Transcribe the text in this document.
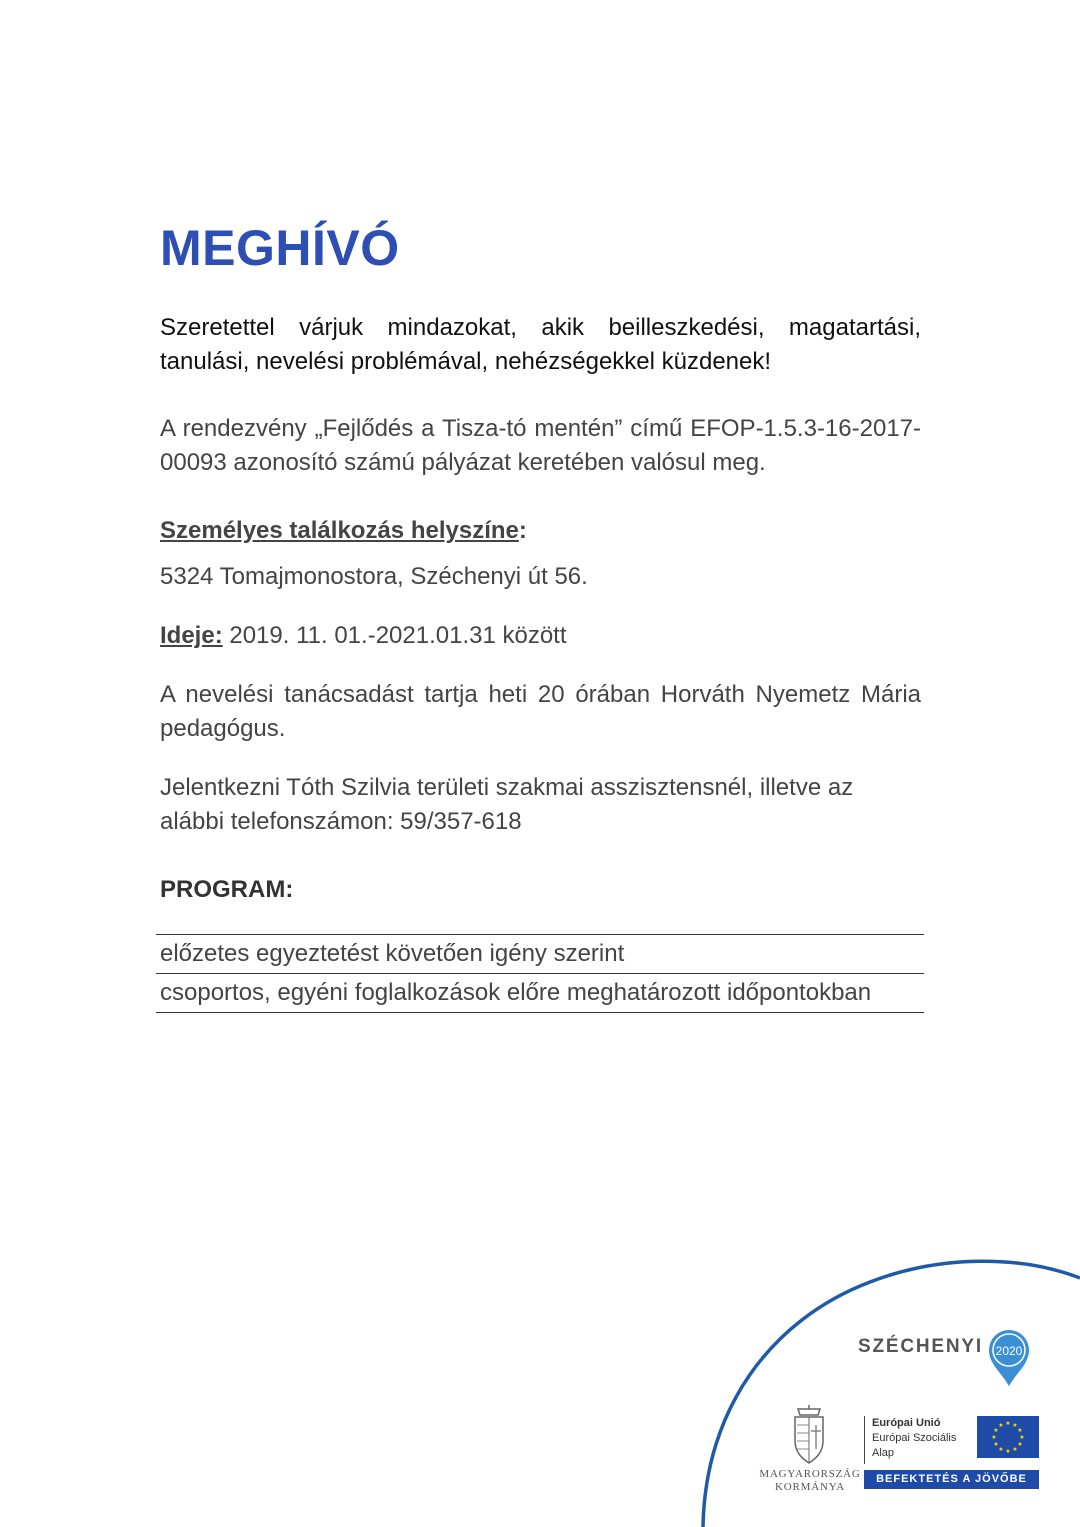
MEGHÍVÓ

Szeretettel várjuk mindazokat, akik beilleszkedési, magatartási, tanulási, nevelési problémával, nehézségekkel küzdenek!

A rendezvény „Fejlődés a Tisza-tó mentén” című EFOP-1.5.3-16-2017-00093 azonosító számú pályázat keretében valósul meg.

Személyes találkozás helyszíne:

5324 Tomajmonostora, Széchenyi út 56.

Ideje: 2019. 11. 01.-2021.01.31 között

A nevelési tanácsadást tartja heti 20 órában Horváth Nyemetz Mária pedagógus.

Jelentkezni Tóth Szilvia területi szakmai asszisztensnél, illetve az alábbi telefonszámon: 59/357-618

PROGRAM:

előzetes egyeztetést követően igény szerint
csoportos, egyéni foglalkozások előre meghatározott időpontokban
SZÉCHENYI 2020
MAGYARORSZÁG
KORMÁNYA
Európai Unió
Európai Szociális
Alap
★ ★
★
★
★
★
★
★
★
★
★
★
BEFEKTETÉS A JÖVŐBE
